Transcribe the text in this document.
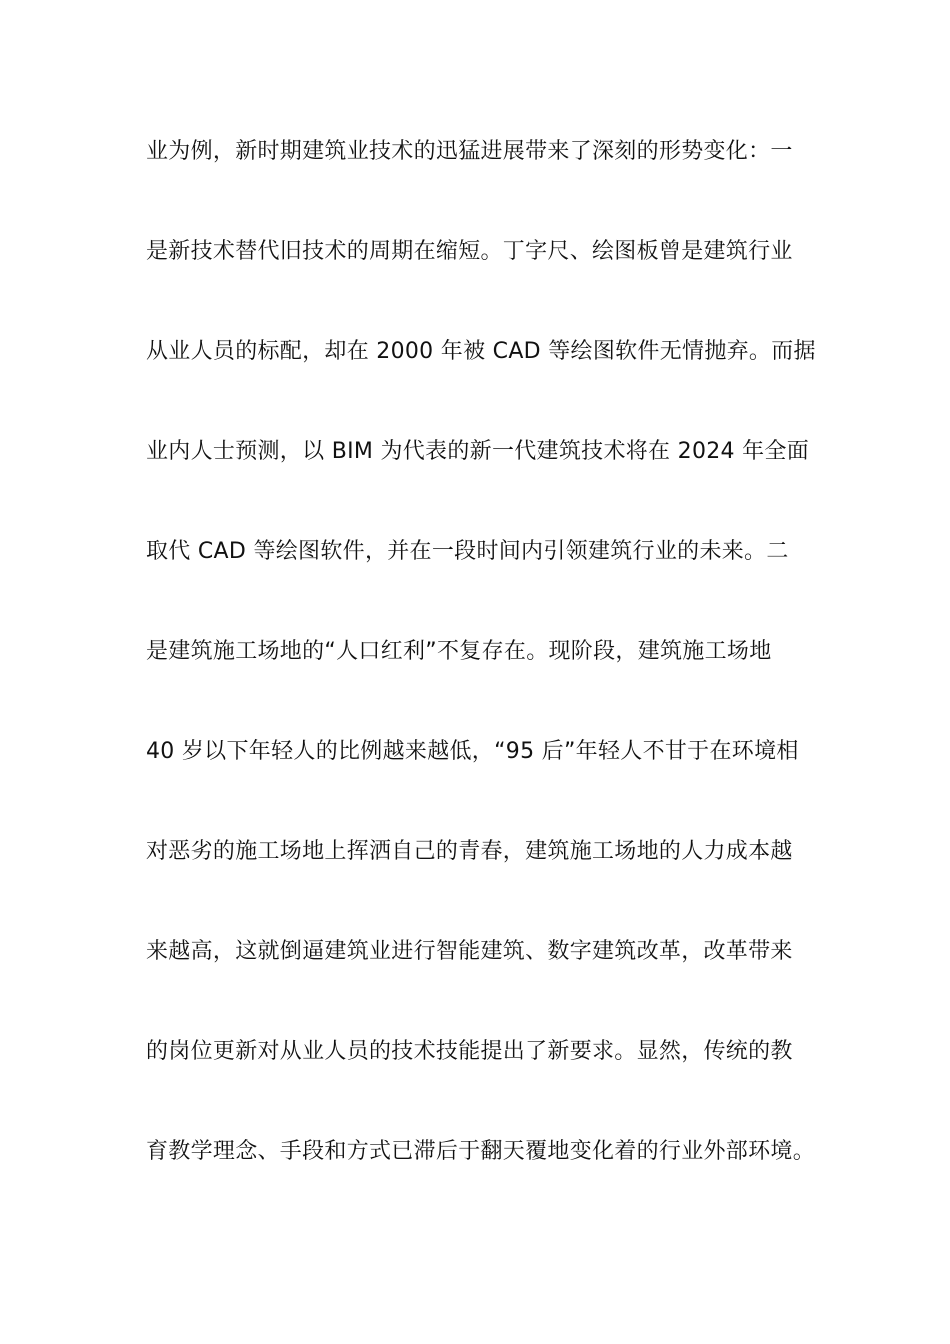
业为例，新时期建筑业技术的迅猛进展带来了深刻的形势变化：一
是新技术替代旧技术的周期在缩短。丁字尺、绘图板曾是建筑行业
从业人员的标配，却在 2000 年被 CAD 等绘图软件无情抛弃。而据
业内人士预测，以 BIM 为代表的新一代建筑技术将在 2024 年全面
取代 CAD 等绘图软件，并在一段时间内引领建筑行业的未来。二
是建筑施工场地的“人口红利”不复存在。现阶段，建筑施工场地
40 岁以下年轻人的比例越来越低，“95 后”年轻人不甘于在环境相
对恶劣的施工场地上挥洒自己的青春，建筑施工场地的人力成本越
来越高，这就倒逼建筑业进行智能建筑、数字建筑改革，改革带来
的岗位更新对从业人员的技术技能提出了新要求。显然，传统的教
育教学理念、手段和方式已滞后于翻天覆地变化着的行业外部环境。
